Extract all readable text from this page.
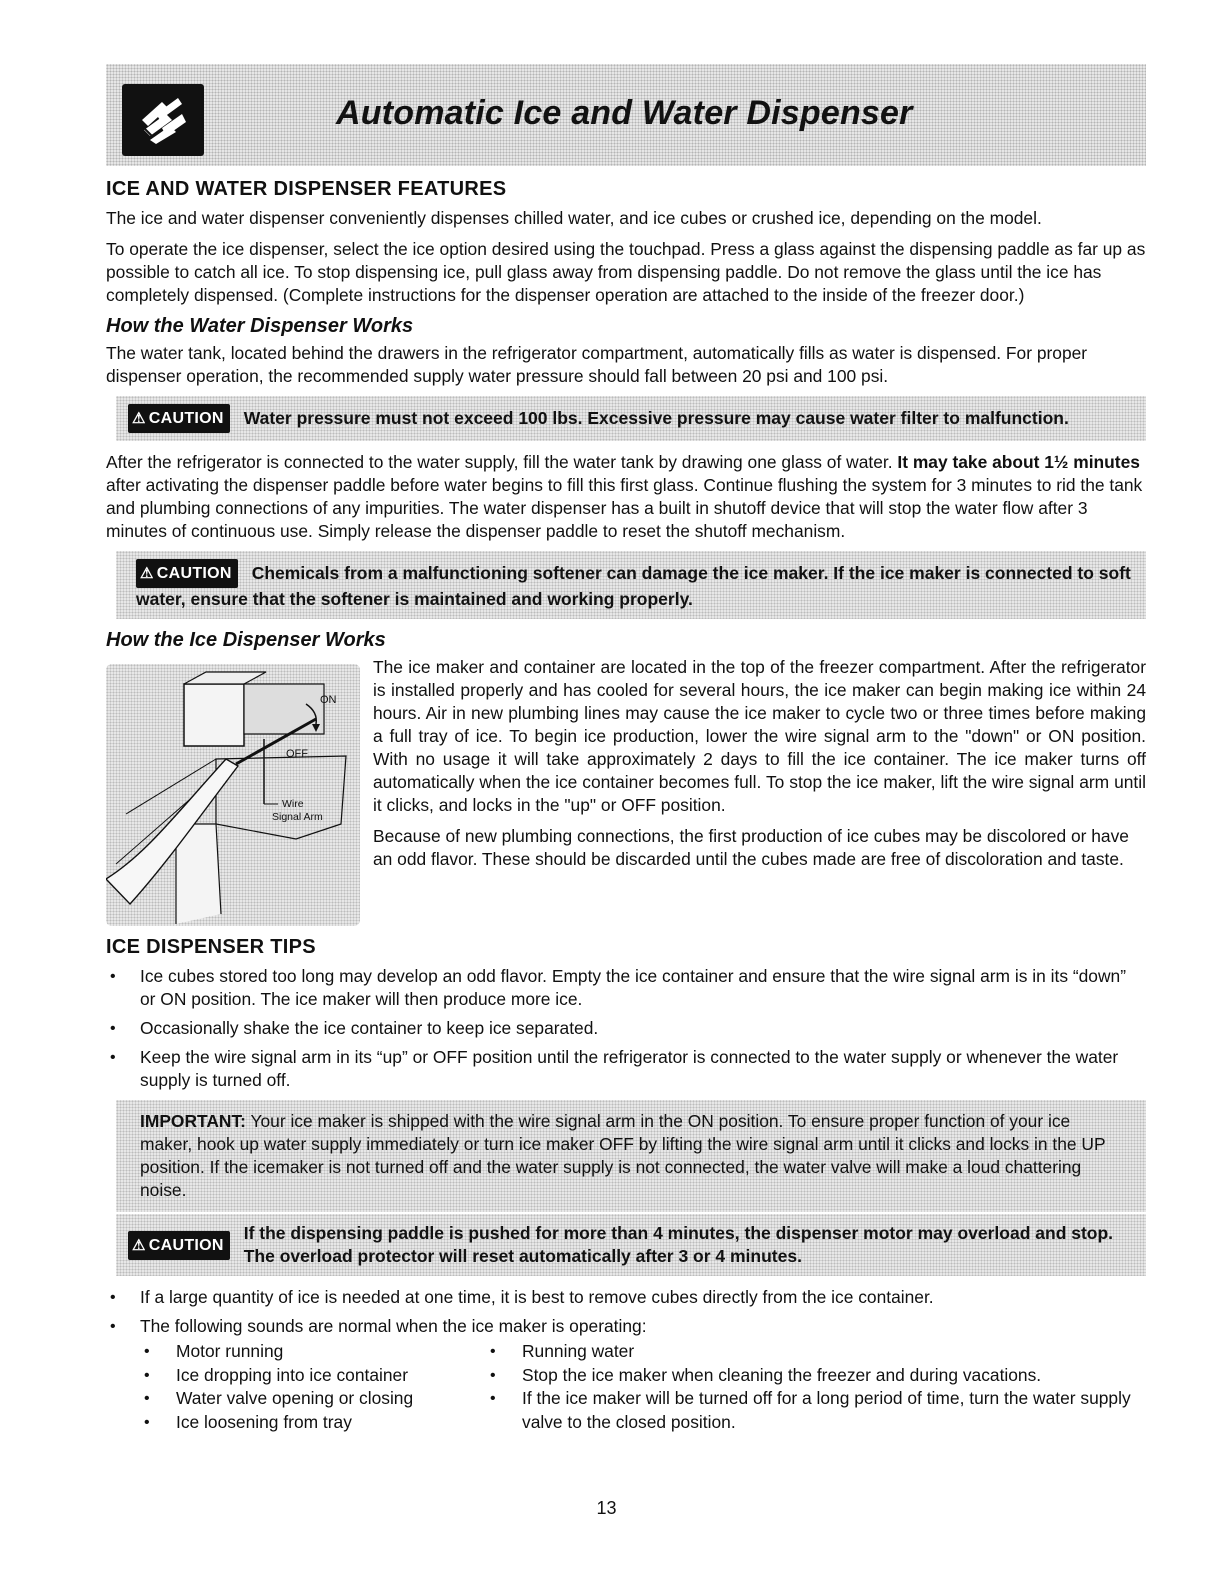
Automatic Ice and Water Dispenser
ICE AND WATER DISPENSER FEATURES

The ice and water dispenser conveniently dispenses chilled water, and ice cubes or crushed ice, depending on the model.

To operate the ice dispenser, select the ice option desired using the touchpad. Press a glass against the dispensing paddle as far up as possible to catch all ice. To stop dispensing ice, pull glass away from dispensing paddle. Do not remove the glass until the ice has completely dispensed. (Complete instructions for the dispenser operation are attached to the inside of the freezer door.)

How the Water Dispenser Works

The water tank, located behind the drawers in the refrigerator compartment, automatically fills as water is dispensed. For proper dispenser operation, the recommended supply water pressure should fall between 20 psi and 100 psi.

⚠ CAUTION Water pressure must not exceed 100 lbs. Excessive pressure may cause water filter to malfunction.

After the refrigerator is connected to the water supply, fill the water tank by drawing one glass of water. It may take about 1½ minutes after activating the dispenser paddle before water begins to fill this first glass. Continue flushing the system for 3 minutes to rid the tank and plumbing connections of any impurities. The water dispenser has a built in shutoff device that will stop the water flow after 3 minutes of continuous use. Simply release the dispenser paddle to reset the shutoff mechanism.

⚠ CAUTION Chemicals from a malfunctioning softener can damage the ice maker. If the ice maker is connected to soft water, ensure that the softener is maintained and working properly.
How the Ice Dispenser Works
ON
OFF
Wire
Signal Arm

The ice maker and container are located in the top of the freezer compartment. After the refrigerator is installed properly and has cooled for several hours, the ice maker can begin making ice within 24 hours. Air in new plumbing lines may cause the ice maker to cycle two or three times before making a full tray of ice. To begin ice production, lower the wire signal arm to the "down" or ON position. With no usage it will take approximately 2 days to fill the ice container. The ice maker turns off automatically when the ice container becomes full. To stop the ice maker, lift the wire signal arm until it clicks, and locks in the "up" or OFF position.

Because of new plumbing connections, the first production of ice cubes may be discolored or have an odd flavor. These should be discarded until the cubes made are free of discoloration and taste.

ICE DISPENSER TIPS
• Ice cubes stored too long may develop an odd flavor. Empty the ice container and ensure that the wire signal arm is in its “down” or ON position. The ice maker will then produce more ice.
• Occasionally shake the ice container to keep ice separated.
• Keep the wire signal arm in its “up” or OFF position until the refrigerator is connected to the water supply or whenever the water supply is turned off.
IMPORTANT: Your ice maker is shipped with the wire signal arm in the ON position. To ensure proper function of your ice maker, hook up water supply immediately or turn ice maker OFF by lifting the wire signal arm until it clicks and locks in the UP position. If the icemaker is not turned off and the water supply is not connected, the water valve will make a loud chattering noise.
⚠ CAUTION
If the dispensing paddle is pushed for more than 4 minutes, the dispenser motor may overload and stop. The overload protector will reset automatically after 3 or 4 minutes.
• If a large quantity of ice is needed at one time, it is best to remove cubes directly from the ice container.
• The following sounds are normal when the ice maker is operating:
• Motor running
• Ice dropping into ice container
• Water valve opening or closing
• Ice loosening from tray
• Running water
• Stop the ice maker when cleaning the freezer and during vacations.
• If the ice maker will be turned off for a long period of time, turn the water supply valve to the closed position.
13
